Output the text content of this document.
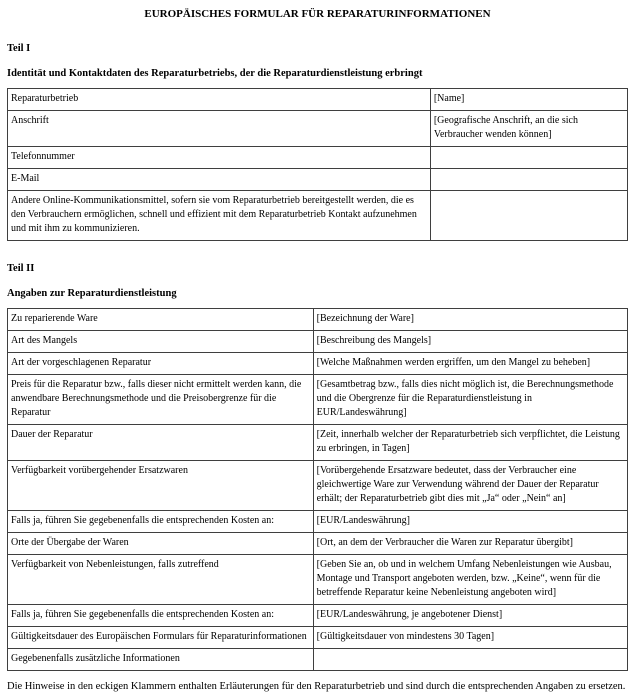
EUROPÄISCHES FORMULAR FÜR REPARATURINFORMATIONEN
Teil I
Identität und Kontaktdaten des Reparaturbetriebs, der die Reparaturdienstleistung erbringt
Reparaturbetrieb	[Name]
Anschrift	[Geografische Anschrift, an die sich Verbraucher wenden können]
Telefonnummer	
E-Mail	
Andere Online-Kommunikationsmittel, sofern sie vom Reparaturbetrieb bereitgestellt werden, die es den Verbrauchern ermöglichen, schnell und effizient mit dem Reparaturbetrieb Kontakt aufzunehmen und mit ihm zu kommunizieren.	
Teil II
Angaben zur Reparaturdienstleistung
Zu reparierende Ware	[Bezeichnung der Ware]
Art des Mangels	[Beschreibung des Mangels]
Art der vorgeschlagenen Reparatur	[Welche Maßnahmen werden ergriffen, um den Mangel zu beheben]
Preis für die Reparatur bzw., falls dieser nicht ermittelt werden kann, die anwendbare Berechnungsmethode und die Preisobergrenze für die Reparatur	[Gesamtbetrag bzw., falls dies nicht möglich ist, die Berechnungsmethode und die Obergrenze für die Reparaturdienstleistung in EUR/Landeswährung]
Dauer der Reparatur	[Zeit, innerhalb welcher der Reparaturbetrieb sich verpflichtet, die Leistung zu erbringen, in Tagen]
Verfügbarkeit vorübergehender Ersatzwaren	[Vorübergehende Ersatzware bedeutet, dass der Verbraucher eine gleichwertige Ware zur Verwendung während der Dauer der Reparatur erhält; der Reparaturbetrieb gibt dies mit „Ja“ oder „Nein“ an]
Falls ja, führen Sie gegebenenfalls die entsprechenden Kosten an:	[EUR/Landeswährung]
Orte der Übergabe der Waren	[Ort, an dem der Verbraucher die Waren zur Reparatur übergibt]
Verfügbarkeit von Nebenleistungen, falls zutreffend	[Geben Sie an, ob und in welchem Umfang Nebenleistungen wie Ausbau, Montage und Transport angeboten werden, bzw. „Keine“, wenn für die betreffende Reparatur keine Nebenleistung angeboten wird]
Falls ja, führen Sie gegebenenfalls die entsprechenden Kosten an:	[EUR/Landeswährung, je angebotener Dienst]
Gültigkeitsdauer des Europäischen Formulars für Reparaturinformationen	[Gültigkeitsdauer von mindestens 30 Tagen]
Gegebenenfalls zusätzliche Informationen	

Die Hinweise in den eckigen Klammern enthalten Erläuterungen für den Reparaturbetrieb und sind durch die entsprechenden Angaben zu ersetzen.
